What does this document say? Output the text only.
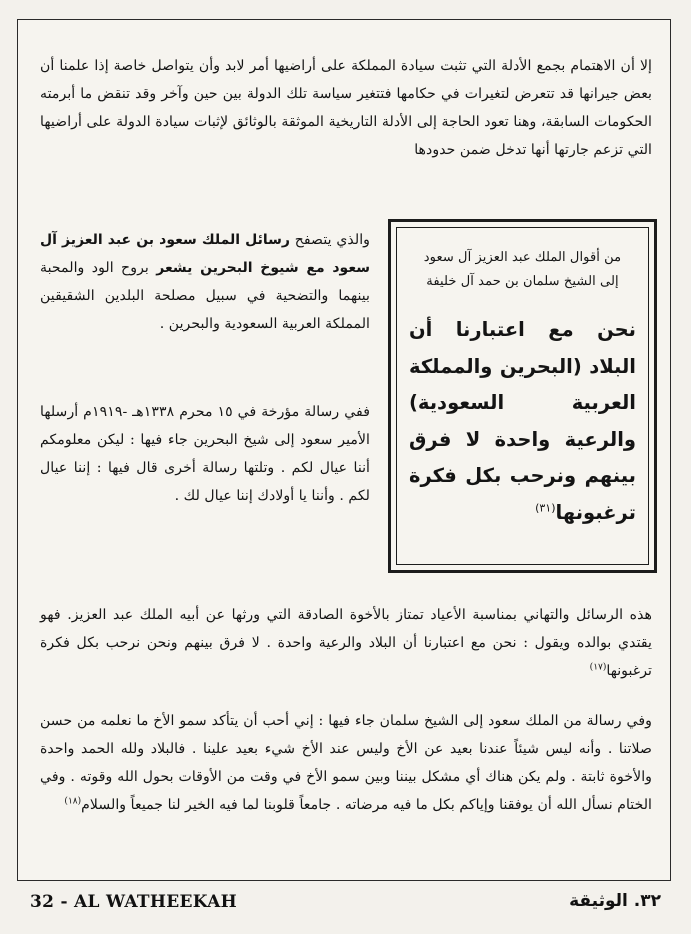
إلا أن الاهتمام بجمع الأدلة التي تثبت سيادة المملكة على أراضيها أمر لابد وأن يتواصل خاصة إذا علمنا أن بعض جيرانها قد تتعرض لتغيرات في حكامها فتتغير سياسة تلك الدولة بين حين وآخر وقد تنقض ما أبرمته الحكومات السابقة، وهنا تعود الحاجة إلى الأدلة التاريخية الموثقة بالوثائق لإثبات سيادة الدولة على أراضيها التي تزعم جارتها أنها تدخل ضمن حدودها

والذي يتصفح رسائل الملك سعود بن عبد العزيز آل سعود مع شيوخ البحرين يشعر بروح الود والمحبة بينهما والتضحية في سبيل مصلحة البلدين الشقيقين المملكة العربية السعودية والبحرين .

ففي رسالة مؤرخة في ١٥ محرم ١٣٣٨هـ -١٩١٩م أرسلها الأمير سعود إلى شيخ البحرين جاء فيها : ليكن معلومكم أننا عيال لكم . وتلتها رسالة أخرى قال فيها : إننا عيال لكم . وأننا يا أولادك إننا عيال لك .

من أقوال الملك عبد العزيز آل سعود
إلى الشيخ سلمان بن حمد آل خليفة

نحن مع اعتبارنا أن البلاد (البحرين والمملكة العربية السعودية) والرعية واحدة لا فرق بينهم ونرحب بكل فكرة ترغبونها$^{(٣١)}$

هذه الرسائل والتهاني بمناسبة الأعياد تمتاز بالأخوة الصادقة التي ورثها عن أبيه الملك عبد العزيز. فهو يقتدي بوالده ويقول : نحن مع اعتبارنا أن البلاد والرعية واحدة . لا فرق بينهم ونحن نرحب بكل فكرة ترغبونها$^{(١٧)}$

وفي رسالة من الملك سعود إلى الشيخ سلمان جاء فيها : إني أحب أن يتأكد سمو الأخ ما نعلمه من حسن صلاتنا . وأنه ليس شيئاً عندنا بعيد عن الأخ وليس عند الأخ شيء بعيد علينا . فالبلاد ولله الحمد واحدة والأخوة ثابتة . ولم يكن هناك أي مشكل بيننا وبين سمو الأخ في وقت من الأوقات بحول الله وقوته . وفي الختام نسأل الله أن يوفقنا وإياكم بكل ما فيه مرضاته . جامعاً قلوبنا لما فيه الخير لنا جميعاً والسلام$^{(١٨)}$

32 - AL WATHEEKAH	٣٢. الوثيقة
